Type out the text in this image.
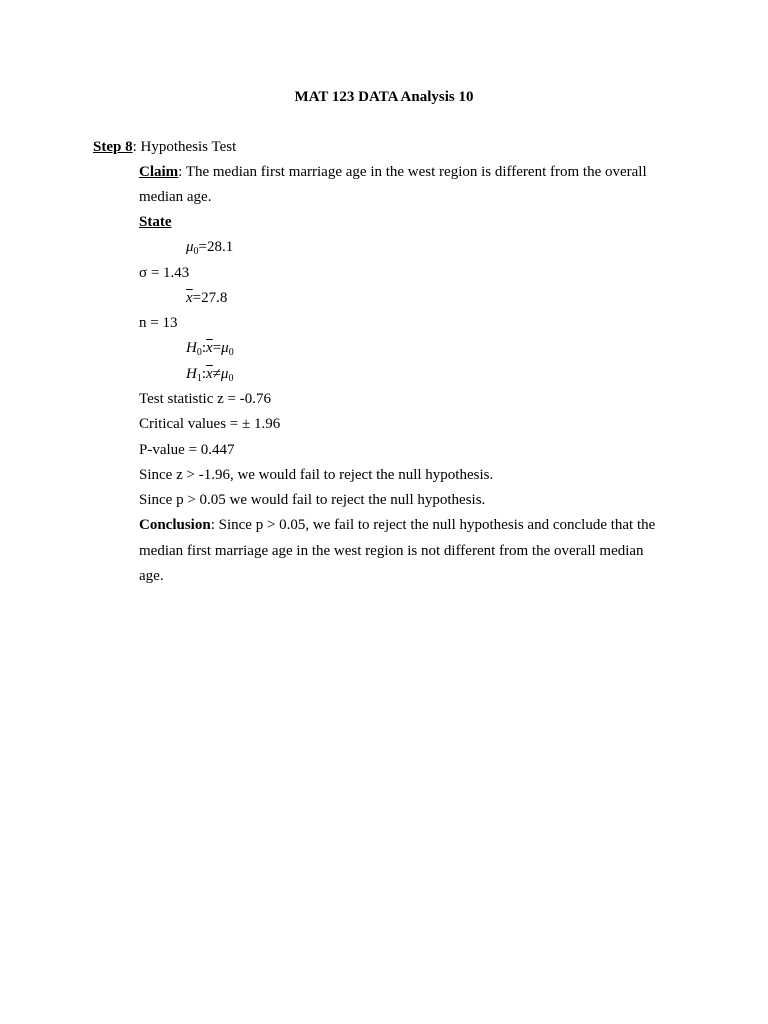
MAT 123 DATA Analysis 10
Step 8: Hypothesis Test
Claim: The median first marriage age in the west region is different from the overall
median age.
State
$\mu_0=28.1$
σ = 1.43
$\overline{x}=27.8$
n = 13
$H_0:\overline{x}=\mu_0$
$H_1:\overline{x}\ne\mu_0$
Test statistic z = -0.76
Critical values = ± 1.96
P-value = 0.447
Since z > -1.96, we would fail to reject the null hypothesis.
Since p > 0.05 we would fail to reject the null hypothesis.
Conclusion: Since p > 0.05, we fail to reject the null hypothesis and conclude that the
median first marriage age in the west region is not different from the overall median
age.
